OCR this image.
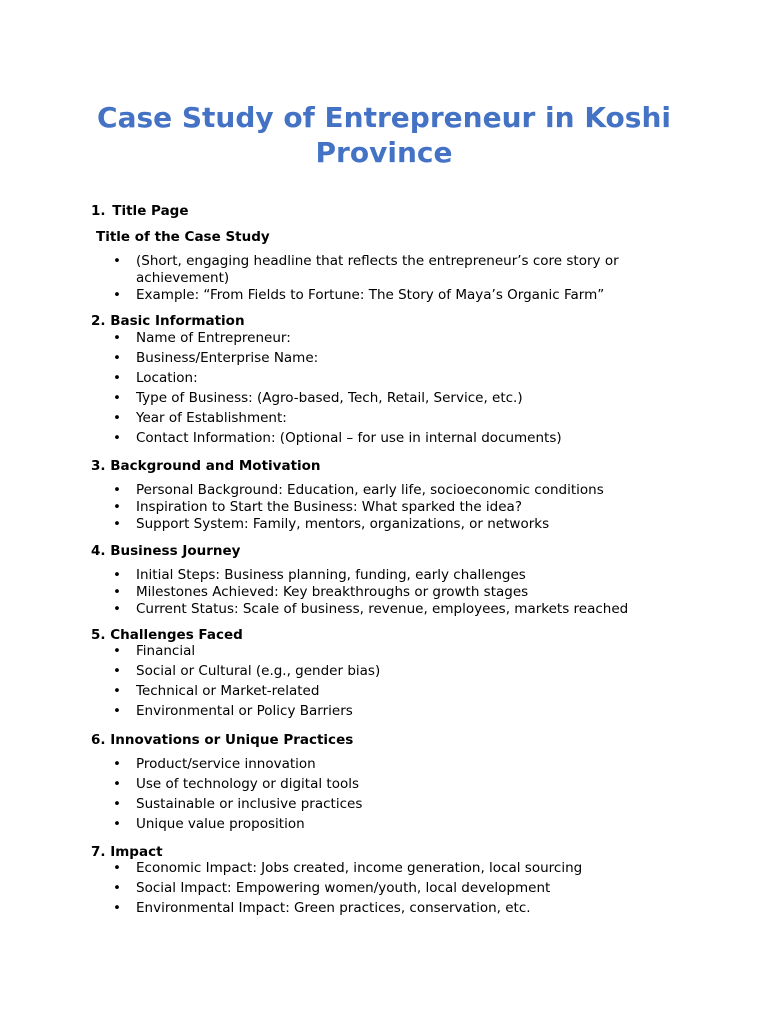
Case Study of Entrepreneur in Koshi Province
1. Title Page
Title of the Case Study
• (Short, engaging headline that reflects the entrepreneur’s core story or achievement)
• Example: “From Fields to Fortune: The Story of Maya’s Organic Farm”
2. Basic Information
• Name of Entrepreneur:
• Business/Enterprise Name:
• Location:
• Type of Business: (Agro-based, Tech, Retail, Service, etc.)
• Year of Establishment:
• Contact Information: (Optional – for use in internal documents)
3. Background and Motivation
• Personal Background: Education, early life, socioeconomic conditions
• Inspiration to Start the Business: What sparked the idea?
• Support System: Family, mentors, organizations, or networks
4. Business Journey
• Initial Steps: Business planning, funding, early challenges
• Milestones Achieved: Key breakthroughs or growth stages
• Current Status: Scale of business, revenue, employees, markets reached
5. Challenges Faced
• Financial
• Social or Cultural (e.g., gender bias)
• Technical or Market-related
• Environmental or Policy Barriers
6. Innovations or Unique Practices
• Product/service innovation
• Use of technology or digital tools
• Sustainable or inclusive practices
• Unique value proposition
7. Impact
• Economic Impact: Jobs created, income generation, local sourcing
• Social Impact: Empowering women/youth, local development
• Environmental Impact: Green practices, conservation, etc.
